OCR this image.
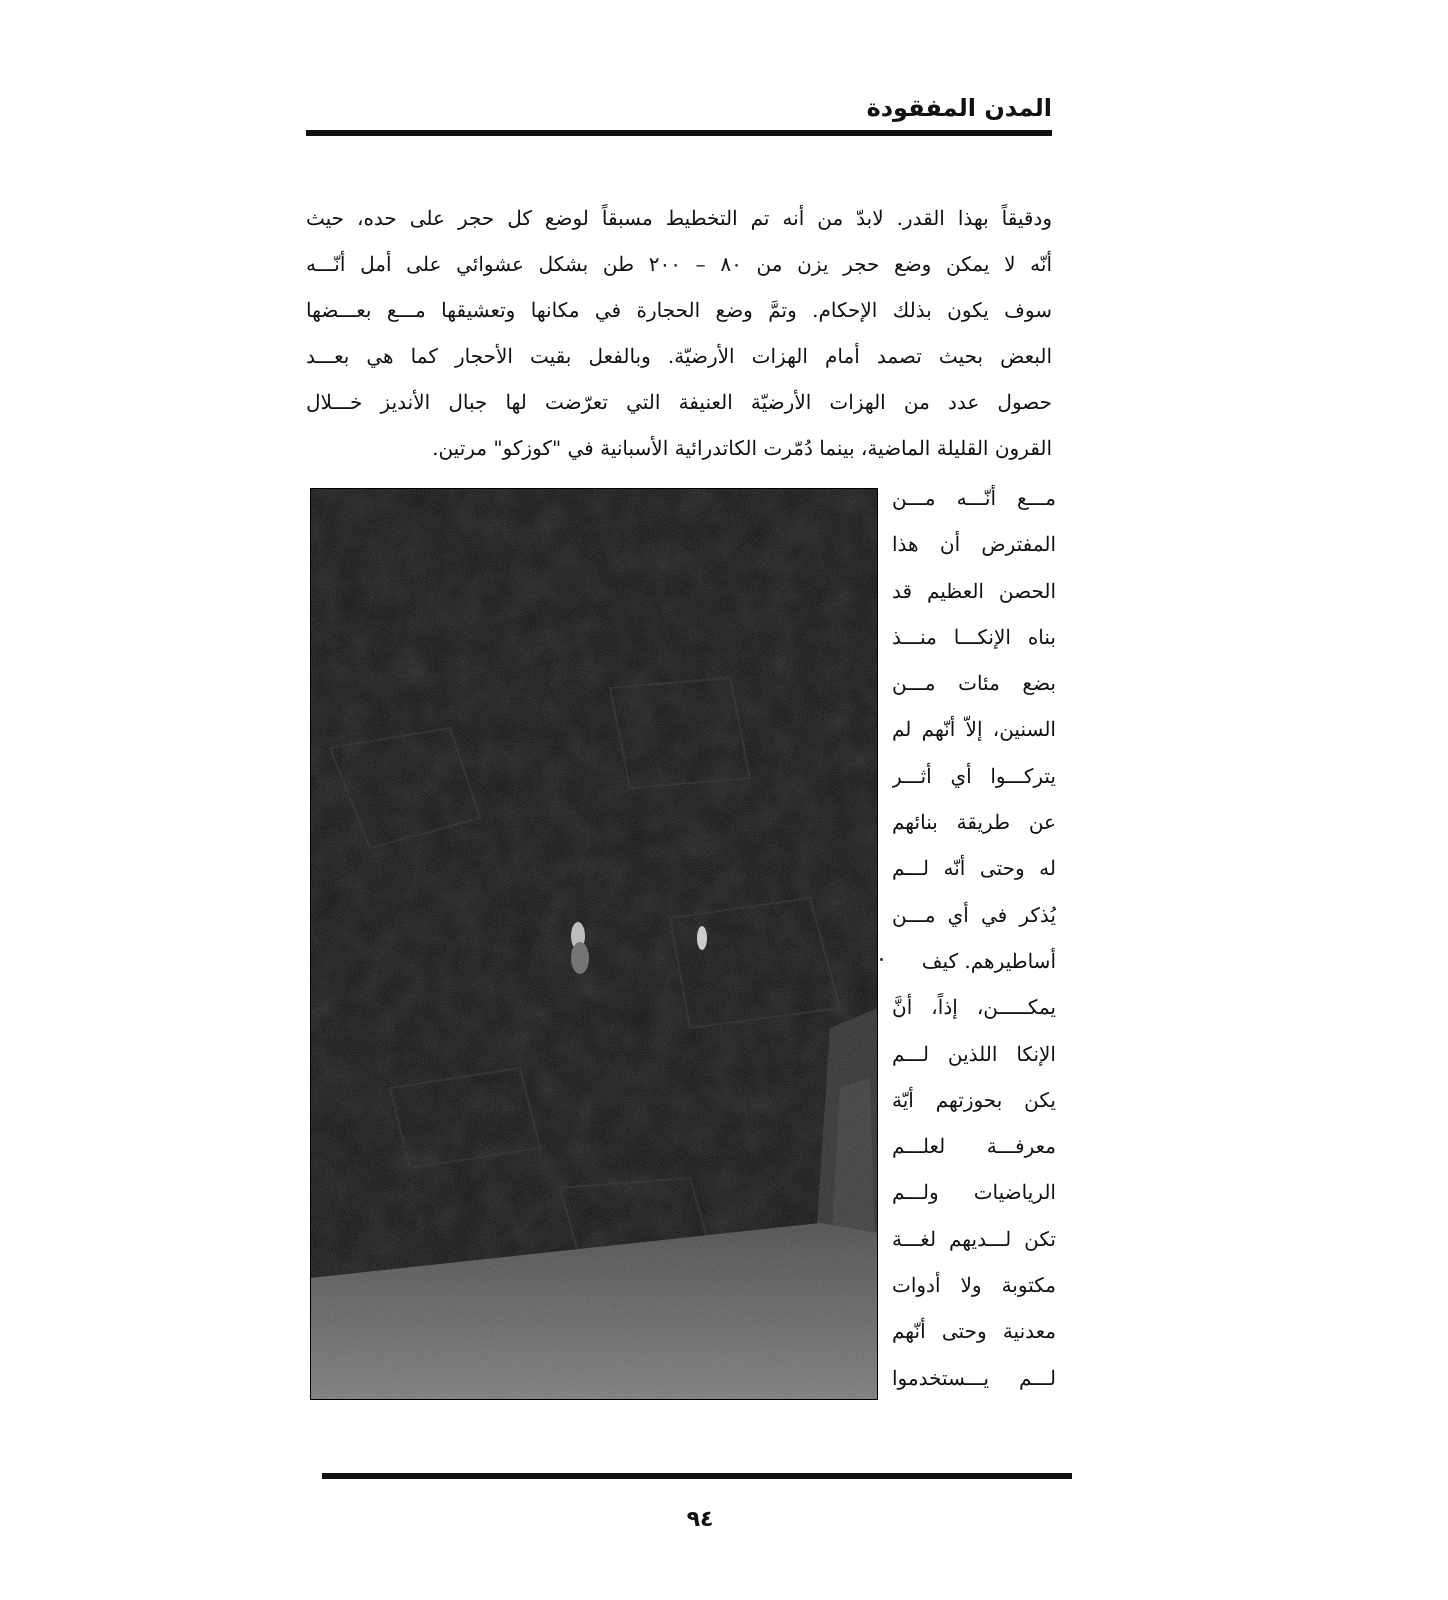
المدن المفقودة
ودقيقاً بهذا القدر. لابدّ من أنه تم التخطيط مسبقاً لوضع كل حجر على حده، حيث
أنّه لا يمكن وضع حجر يزن من ٨٠ – ٢٠٠ طن بشكل عشوائي على أمل أنّـــه
سوف يكون بذلك الإحكام. وتمَّ وضع الحجارة في مكانها وتعشيقها مـــع بعـــضها
البعض بحيث تصمد أمام الهزات الأرضيّة. وبالفعل بقيت الأحجار كما هي بعـــد
حصول عدد من الهزات الأرضيّة العنيفة التي تعرّضت لها جبال الأنديز خـــلال
القرون القليلة الماضية، بينما دُمّرت الكاتدرائية الأسبانية في "كوزكو" مرتين.
مـــع أنّـــه مـــن
المفترض أن هذا
الحصن العظيم قد
بناه الإنكـــا منـــذ
بضع مئات مـــن
السنين، إلاّ أنّهم لم
يتركـــوا أي أثـــر
عن طريقة بنائهم
له وحتى أنّه لـــم
يُذكر في أي مـــن
أساطيرهم. كيف
يمكـــــن، إذاً، أنَّ
الإنكا اللذين لـــم
يكن بحوزتهم أيّة
معرفـــة لعلـــم
الرياضيات ولـــم
تكن لـــديهم لغـــة
مكتوبة ولا أدوات
معدنية وحتى أنّهم
لـــم يـــستخدموا
٩٤
